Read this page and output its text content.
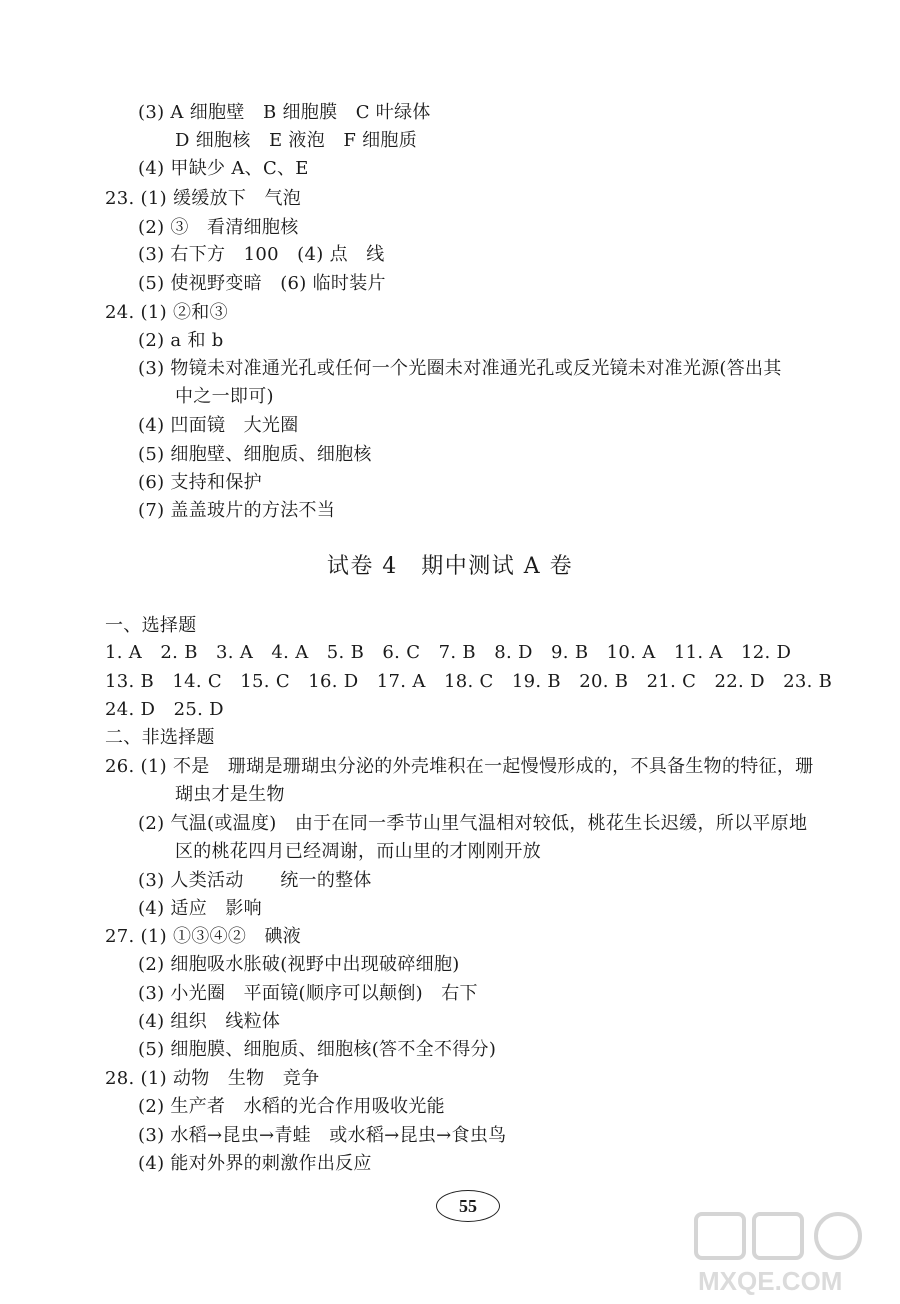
(3) A 细胞壁　B 细胞膜　C 叶绿体
D 细胞核　E 液泡　F 细胞质
(4) 甲缺少 A、C、E
23. (1) 缓缓放下　气泡
(2) ③　看清细胞核
(3) 右下方　100　(4) 点　线
(5) 使视野变暗　(6) 临时装片
24. (1) ②和③
(2) a 和 b
(3) 物镜未对准通光孔或任何一个光圈未对准通光孔或反光镜未对准光源(答出其
中之一即可)
(4) 凹面镜　大光圈
(5) 细胞壁、细胞质、细胞核
(6) 支持和保护
(7) 盖盖玻片的方法不当
试卷 4　期中测试 A 卷
一、选择题
1. A　2. B　3. A　4. A　5. B　6. C　7. B　8. D　9. B　10. A　11. A　12. D
13. B　14. C　15. C　16. D　17. A　18. C　19. B　20. B　21. C　22. D　23. B
24. D　25. D
二、非选择题
26. (1) 不是　珊瑚是珊瑚虫分泌的外壳堆积在一起慢慢形成的，不具备生物的特征，珊
瑚虫才是生物
(2) 气温(或温度)　由于在同一季节山里气温相对较低，桃花生长迟缓，所以平原地
区的桃花四月已经凋谢，而山里的才刚刚开放
(3) 人类活动　　统一的整体
(4) 适应　影响
27. (1) ①③④②　碘液
(2) 细胞吸水胀破(视野中出现破碎细胞)
(3) 小光圈　平面镜(顺序可以颠倒)　右下
(4) 组织　线粒体
(5) 细胞膜、细胞质、细胞核(答不全不得分)
28. (1) 动物　生物　竞争
(2) 生产者　水稻的光合作用吸收光能
(3) 水稻→昆虫→青蛙　或水稻→昆虫→食虫鸟
(4) 能对外界的刺激作出反应
55
MXQE.COM
